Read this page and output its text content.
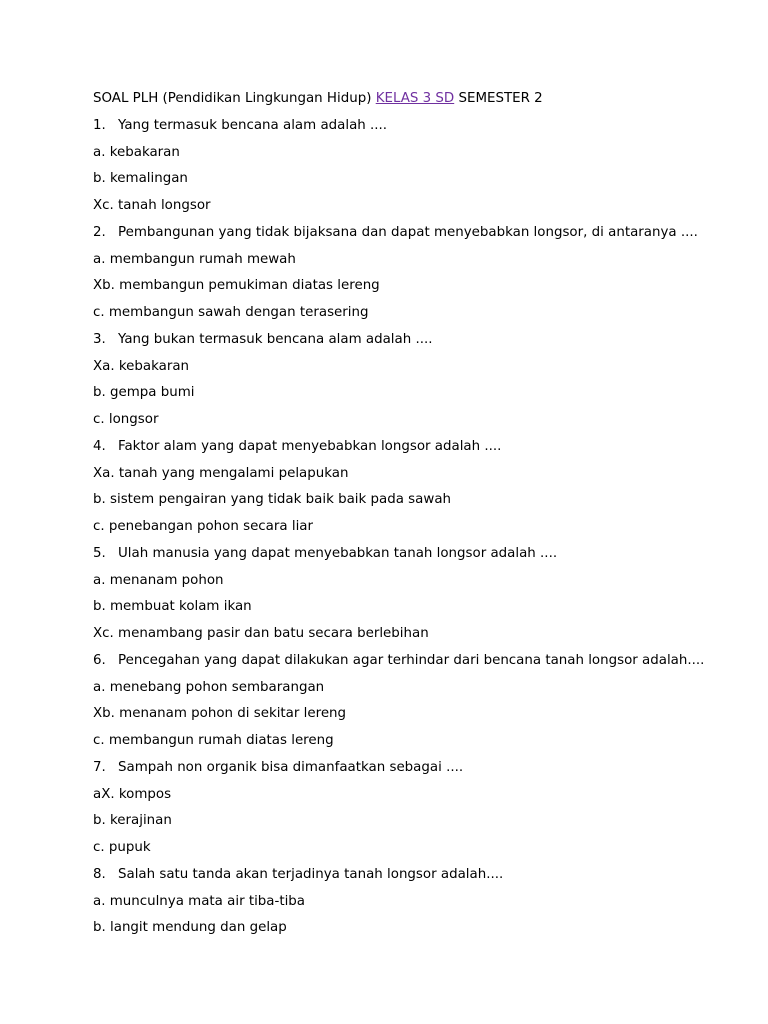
SOAL PLH (Pendidikan Lingkungan Hidup) KELAS 3 SD SEMESTER 2
1. Yang termasuk bencana alam adalah ....
a. kebakaran
b. kemalingan
Xc. tanah longsor
2. Pembangunan yang tidak bijaksana dan dapat menyebabkan longsor, di antaranya ....
a. membangun rumah mewah
Xb. membangun pemukiman diatas lereng
c. membangun sawah dengan terasering
3. Yang bukan termasuk bencana alam adalah ....
Xa. kebakaran
b. gempa bumi
c. longsor
4. Faktor alam yang dapat menyebabkan longsor adalah ....
Xa. tanah yang mengalami pelapukan
b. sistem pengairan yang tidak baik baik pada sawah
c. penebangan pohon secara liar
5. Ulah manusia yang dapat menyebabkan tanah longsor adalah ....
a. menanam pohon
b. membuat kolam ikan
Xc. menambang pasir dan batu secara berlebihan
6. Pencegahan yang dapat dilakukan agar terhindar dari bencana tanah longsor adalah....
a. menebang pohon sembarangan
Xb. menanam pohon di sekitar lereng
c. membangun rumah diatas lereng
7. Sampah non organik bisa dimanfaatkan sebagai ....
aX. kompos
b. kerajinan
c. pupuk
8. Salah satu tanda akan terjadinya tanah longsor adalah....
a. munculnya mata air tiba-tiba
b. langit mendung dan gelap
